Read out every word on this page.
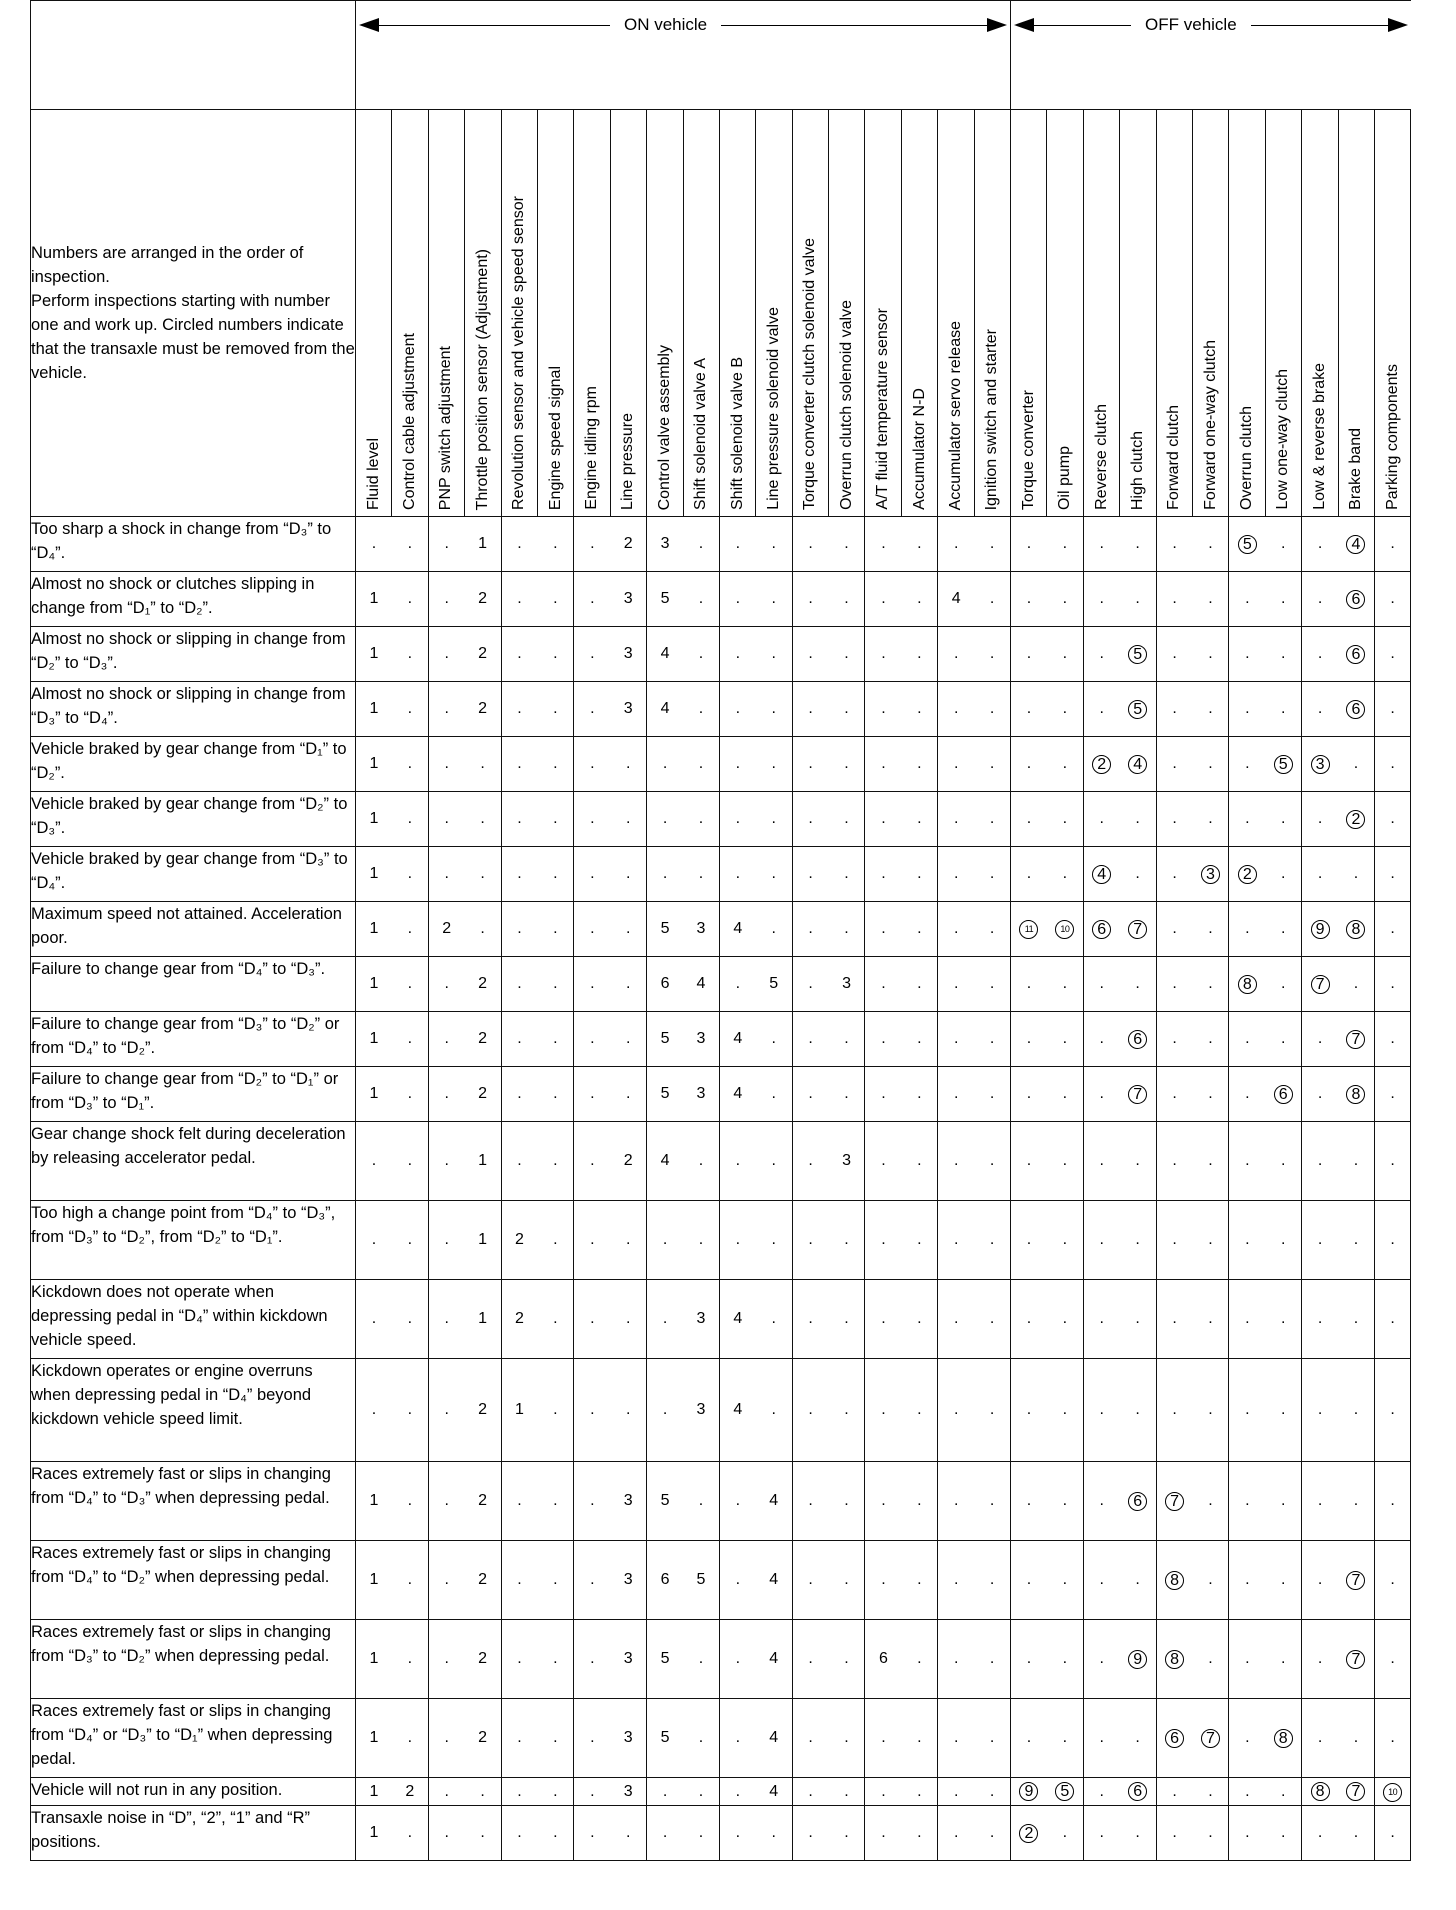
	ON vehicle																		OFF vehicle										

Numbers are arranged in the order of inspection.
Perform inspections starting with number one and work up. Circled numbers indicate that the transaxle must be removed from the vehicle.	Fluid level	Control cable adjustment	PNP switch adjustment	Throttle position sensor (Adjustment)	Revolution sensor and vehicle speed sensor	Engine speed signal	Engine idling rpm	Line pressure	Control valve assembly	Shift solenoid valve A	Shift solenoid valve B	Line pressure solenoid valve	Torque converter clutch solenoid valve	Overrun clutch solenoid valve	A/T fluid temperature sensor	Accumulator N-D	Accumulator servo release	Ignition switch and starter	Torque converter	Oil pump	Reverse clutch	High clutch	Forward clutch	Forward one-way clutch	Overrun clutch	Low one-way clutch	Low & reverse brake	Brake band	Parking components

Too sharp a shock in change from “D₃” to “D₄”.	. .		. 1		. .		. 2		3 .		. .		. .		. .		. .		. .		. .		. .		5 .		. 4		.

Almost no shock or clutches slipping in change from “D₁” to “D₂”.	1 .		. 2		. .		. 3		5 .		. .		. .		. .		4 .		. .		. .		. .		. .		. 6		.

Almost no shock or slipping in change from “D₂” to “D₃”.	1 .		. 2		. .		. 3		4 .		. .		. .		. .		. .		. .		. 5		. .		. .		. 6		.

Almost no shock or slipping in change from “D₃” to “D₄”.	1 .		. 2		. .		. 3		4 .		. .		. .		. .		. .		. .		. 5		. .		. .		. 6		.

Vehicle braked by gear change from “D₁” to “D₂”.	1 .		. .		. .		. .		. .		. .		. .		. .		. .		. .		2 4		. .		. 5		3 .		.

Vehicle braked by gear change from “D₂” to “D₃”.	1 .		. .		. .		. .		. .		. .		. .		. .		. .		. .		. .		. .		. .		. 2		.

Vehicle braked by gear change from “D₃” to “D₄”.	1 .		. .		. .		. .		. .		. .		. .		. .		. .		. .		4 .		. 3		2 .		. .		.

Maximum speed not attained. Acceleration poor.	1 .		2 .		. .		. .		5 3		4 .		. .		. .		. .		11 10		6 7		. .		. .		9 8		.

Failure to change gear from “D₄” to “D₃”.	1 .		. 2		. .		. .		6 4		. 5		. 3		. .		. .		. .		. .		. .		8 .		7 .		.

Failure to change gear from “D₃” to “D₂” or from “D₄” to “D₂”.	1 .		. 2		. .		. .		5 3		4 .		. .		. .		. .		. .		. 6		. .		. .		. 7		.

Failure to change gear from “D₂” to “D₁” or from “D₃” to “D₁”.	1 .		. 2		. .		. .		5 3		4 .		. .		. .		. .		. .		. 7		. .		. 6		. 8		.

Gear change shock felt during deceleration by releasing accelerator pedal.	. .		. 1		. .		. 2		4 .		. .		. 3		. .		. .		. .		. .		. .		. .		. .		.

Too high a change point from “D₄” to “D₃”, from “D₃” to “D₂”, from “D₂” to “D₁”.	. .		. 1		2 .		. .		. .		. .		. .		. .		. .		. .		. .		. .		. .		. .		.

Kickdown does not operate when depressing pedal in “D₄” within kickdown vehicle speed.	. .		. 1		2 .		. .		. 3		4 .		. .		. .		. .		. .		. .		. .		. .		. .		.

Kickdown operates or engine overruns when depressing pedal in “D₄” beyond kickdown vehicle speed limit.	. .		. 2		1 .		. .		. 3		4 .		. .		. .		. .		. .		. .		. .		. .		. .		.

Races extremely fast or slips in changing from “D₄” to “D₃” when depressing pedal.	1 .		. 2		. .		. 3		5 .		. 4		. .		. .		. .		. .		. 6		7 .		. .		. .		.

Races extremely fast or slips in changing from “D₄” to “D₂” when depressing pedal.	1 .		. 2		. .		. 3		6 5		. 4		. .		. .		. .		. .		. .		8 .		. .		. 7		.

Races extremely fast or slips in changing from “D₃” to “D₂” when depressing pedal.	1 .		. 2		. .		. 3		5 .		. 4		. .		6 .		. .		. .		. 9		8 .		. .		. 7		.

Races extremely fast or slips in changing from “D₄” or “D₃” to “D₁” when depressing pedal.	1 .		. 2		. .		. 3		5 .		. 4		. .		. .		. .		. .		. .		6 7		. 8		. .		.

Vehicle will not run in any position.	1 2		. .		. .		. 3		. .		. 4		. .		. .		. .		9 5		. 6		. .		. .		8 7		10

Transaxle noise in “D”, “2”, “1” and “R” positions.	1 .		. .		. .		. .		. .		. .		. .		. .		. .		2 .		. .		. .		. .		. .		.
